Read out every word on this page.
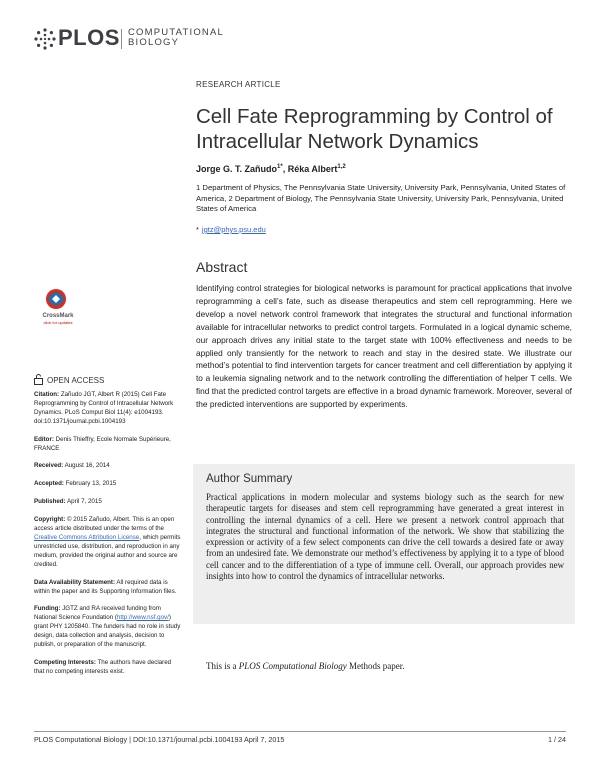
PLOS COMPUTATIONAL
BIOLOGY
RESEARCH ARTICLE
Cell Fate Reprogramming by Control of Intracellular Network Dynamics
Jorge G. T. Zañudo$^{1*}$, Réka Albert$^{1,2}$
1 Department of Physics, The Pennsylvania State University, University Park, Pennsylvania, United States of America, 2 Department of Biology, The Pennsylvania State University, University Park, Pennsylvania, United States of America
* jgtz@phys.psu.edu
Abstract
Identifying control strategies for biological networks is paramount for practical applications that involve reprogramming a cell’s fate, such as disease therapeutics and stem cell reprogramming. Here we develop a novel network control framework that integrates the structural and functional information available for intracellular networks to predict control targets. Formulated in a logical dynamic scheme, our approach drives any initial state to the target state with 100% effectiveness and needs to be applied only transiently for the network to reach and stay in the desired state. We illustrate our method’s potential to find intervention targets for cancer treatment and cell differentiation by applying it to a leukemia signaling network and to the network controlling the differentiation of helper T cells. We find that the predicted control targets are effective in a broad dynamic framework. Moreover, several of the predicted interventions are supported by experiments.
CrossMark
click for updates
OPEN ACCESS
Citation: Zañudo JGT, Albert R (2015) Cell Fate Reprogramming by Control of Intracellular Network Dynamics. PLoS Comput Biol 11(4): e1004193. doi:10.1371/journal.pcbi.1004193
Editor: Denis Thieffry, Ecole Normale Supérieure, FRANCE
Received: August 16, 2014
Accepted: February 13, 2015
Published: April 7, 2015
Copyright: © 2015 Zañudo, Albert. This is an open access article distributed under the terms of the Creative Commons Attribution License, which permits unrestricted use, distribution, and reproduction in any medium, provided the original author and source are credited.
Data Availability Statement: All required data is within the paper and its Supporting Information files.
Funding: JGTZ and RA received funding from National Science Foundation (http://www.nsf.gov/) grant PHY 1205840. The funders had no role in study design, data collection and analysis, decision to publish, or preparation of the manuscript.
Competing Interests: The authors have declared that no competing interests exist.
Author Summary
Practical applications in modern molecular and systems biology such as the search for new therapeutic targets for diseases and stem cell reprogramming have generated a great interest in controlling the internal dynamics of a cell. Here we present a network control approach that integrates the structural and functional information of the network. We show that stabilizing the expression or activity of a few select components can drive the cell towards a desired fate or away from an undesired fate. We demonstrate our method’s effectiveness by applying it to a type of blood cell cancer and to the differentiation of a type of immune cell. Overall, our approach provides new insights into how to control the dynamics of intracellular networks.
This is a PLOS Computational Biology Methods paper.
PLOS Computational Biology | DOI:10.1371/journal.pcbi.1004193 April 7, 2015	1 / 24
